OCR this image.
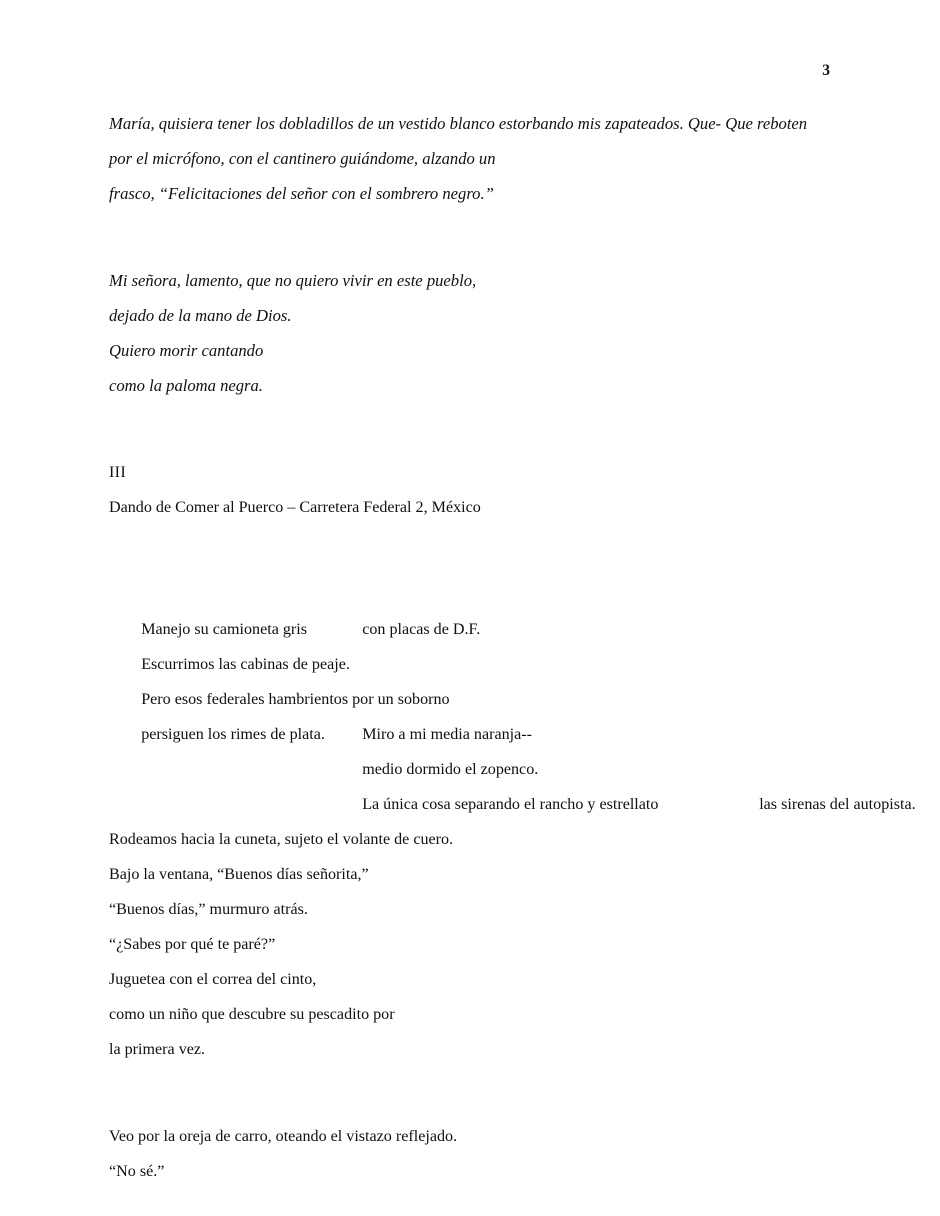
3
María, quisiera tener los dobladillos de un vestido blanco estorbando mis zapateados. Que- Que reboten
por el micrófono, con el cantinero guiándome, alzando un
frasco, “Felicitaciones del señor con el sombrero negro.”
Mi señora, lamento, que no quiero vivir en este pueblo,
dejado de la mano de Dios.
Quiero morir cantando
como la paloma negra.
III
Dando de Comer al Puerco – Carretera Federal 2, México

Manejo su camioneta gris	con placas de D.F.

Escurrimos las cabinas de peaje.

Pero esos federales hambrientos por un soborno

persiguen los rimes de plata. Miro a mi media naranja--

medio dormido el zopenco.

La única cosa separando el rancho y estrellato	las sirenas del autopista.

Rodeamos hacia la cuneta, sujeto el volante de cuero.
Bajo la ventana, “Buenos días señorita,”
“Buenos días,” murmuro atrás.
“¿Sabes por qué te paré?”
Juguetea con el correa del cinto,
como un niño que descubre su pescadito por
la primera vez.
Veo por la oreja de carro, oteando el vistazo reflejado.
“No sé.”
